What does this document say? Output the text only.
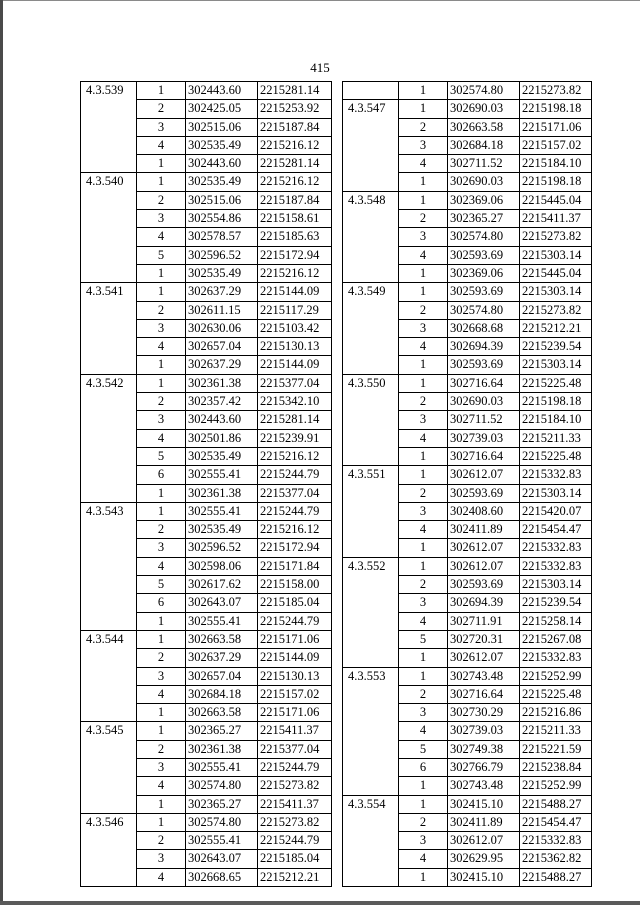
415
4.3.539	1	302443.60	2215281.14
	2	302425.05	2215253.92
	3	302515.06	2215187.84
	4	302535.49	2215216.12
	1	302443.60	2215281.14
4.3.540	1	302535.49	2215216.12
	2	302515.06	2215187.84
	3	302554.86	2215158.61
	4	302578.57	2215185.63
	5	302596.52	2215172.94
	1	302535.49	2215216.12
4.3.541	1	302637.29	2215144.09
	2	302611.15	2215117.29
	3	302630.06	2215103.42
	4	302657.04	2215130.13
	1	302637.29	2215144.09
4.3.542	1	302361.38	2215377.04
	2	302357.42	2215342.10
	3	302443.60	2215281.14
	4	302501.86	2215239.91
	5	302535.49	2215216.12
	6	302555.41	2215244.79
	1	302361.38	2215377.04
4.3.543	1	302555.41	2215244.79
	2	302535.49	2215216.12
	3	302596.52	2215172.94
	4	302598.06	2215171.84
	5	302617.62	2215158.00
	6	302643.07	2215185.04
	1	302555.41	2215244.79
4.3.544	1	302663.58	2215171.06
	2	302637.29	2215144.09
	3	302657.04	2215130.13
	4	302684.18	2215157.02
	1	302663.58	2215171.06
4.3.545	1	302365.27	2215411.37
	2	302361.38	2215377.04
	3	302555.41	2215244.79
	4	302574.80	2215273.82
	1	302365.27	2215411.37
4.3.546	1	302574.80	2215273.82
	2	302555.41	2215244.79
	3	302643.07	2215185.04
	4	302668.65	2215212.21
	1	302574.80	2215273.82
4.3.547	1	302690.03	2215198.18
	2	302663.58	2215171.06
	3	302684.18	2215157.02
	4	302711.52	2215184.10
	1	302690.03	2215198.18
4.3.548	1	302369.06	2215445.04
	2	302365.27	2215411.37
	3	302574.80	2215273.82
	4	302593.69	2215303.14
	1	302369.06	2215445.04
4.3.549	1	302593.69	2215303.14
	2	302574.80	2215273.82
	3	302668.68	2215212.21
	4	302694.39	2215239.54
	1	302593.69	2215303.14
4.3.550	1	302716.64	2215225.48
	2	302690.03	2215198.18
	3	302711.52	2215184.10
	4	302739.03	2215211.33
	1	302716.64	2215225.48
4.3.551	1	302612.07	2215332.83
	2	302593.69	2215303.14
	3	302408.60	2215420.07
	4	302411.89	2215454.47
	1	302612.07	2215332.83
4.3.552	1	302612.07	2215332.83
	2	302593.69	2215303.14
	3	302694.39	2215239.54
	4	302711.91	2215258.14
	5	302720.31	2215267.08
	1	302612.07	2215332.83
4.3.553	1	302743.48	2215252.99
	2	302716.64	2215225.48
	3	302730.29	2215216.86
	4	302739.03	2215211.33
	5	302749.38	2215221.59
	6	302766.79	2215238.84
	1	302743.48	2215252.99
4.3.554	1	302415.10	2215488.27
	2	302411.89	2215454.47
	3	302612.07	2215332.83
	4	302629.95	2215362.82
	1	302415.10	2215488.27
